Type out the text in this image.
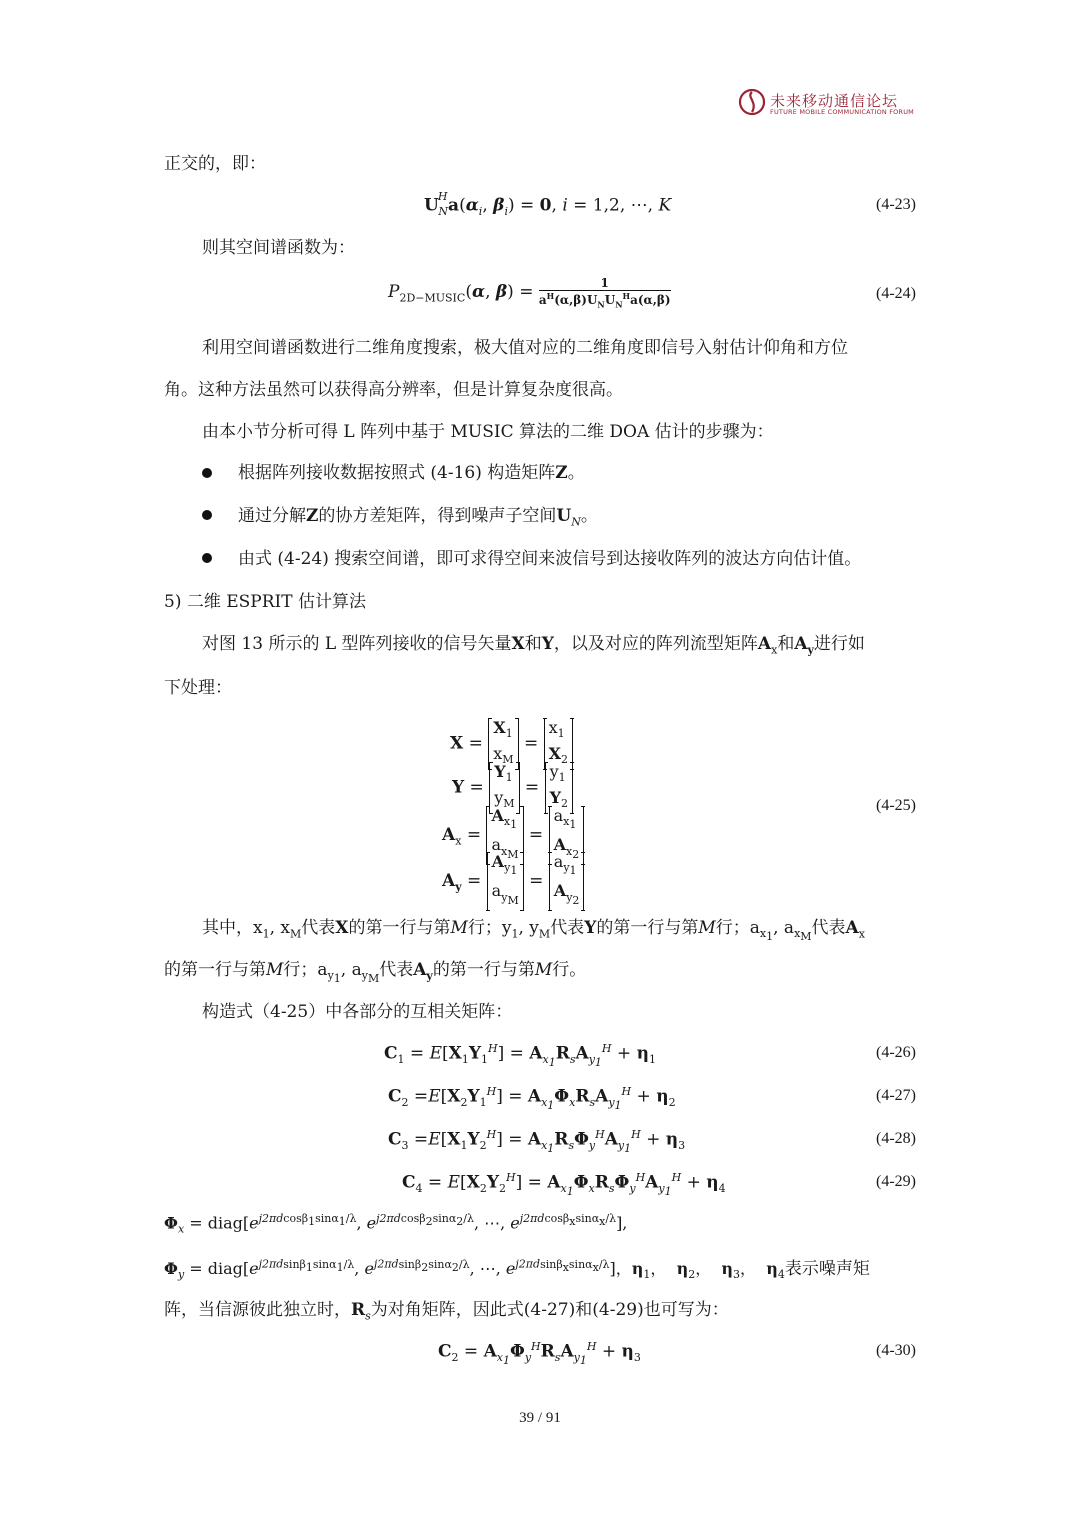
未来移动通信论坛
FUTURE MOBILE COMMUNICATION FORUM
正交的，即：
$U^H_Na(\alpha_i$, $\beta_i) = 0$, i = 1,2, ⋯, K	(4-23)
则其空间谱函数为：
$P_{2D-MUSIC}(\alpha$, $\beta) = \frac{1}{a^H(\alpha,\beta)U_NU_N^Ha(\alpha,\beta)}$	(4-24)
利用空间谱函数进行二维角度搜索，极大值对应的二维角度即信号入射估计仰角和方位
角。这种方法虽然可以获得高分辨率，但是计算复杂度很高。
由本小节分析可得 L 阵列中基于 MUSIC 算法的二维 DOA 估计的步骤为：
根据阵列接收数据按照式 (4-16) 构造矩阵Z。
通过分解Z的协方差矩阵，得到噪声子空间$U_N$。
由式 (4-24) 搜索空间谱，即可求得空间来波信号到达接收阵列的波达方向估计值。
5) 二维 ESPRIT 估计算法
对图 13 所示的 L 型阵列接收的信号矢量X和Y，以及对应的阵列流型矩阵$A_x$和$A_y$进行如
下处理：
X =
$X_1$
$x_M$
=
$x_1$
$X_2$
Y =
$Y_1$
$y_M$
=
$y_1$
$Y_2$
$A_x$ =
$A_{x_1}$
$a_{x_M}$
=
$a_{x_1}$
$A_{x_2}$
$A_y$ =
$A_{y_1}$
$a_{y_M}$
=
$a_{y_1}$
$A_{y_2}$
(4-25)
其中，$x_1$, $x_M$代表X的第一行与第M行；$y_1$, $y_M$代表Y的第一行与第M行；$a_{x_1}$, $a_{x_M}$代表$A_x$
的第一行与第M行；$a_{y_1}$, $a_{y_M}$代表$A_y$的第一行与第M行。
构造式（4-25）中各部分的互相关矩阵：
$C_1 = E[X_1Y_1^H] = A_{x_1}R_sA_{y_1}^H + \eta_1$	(4-26)
$C_2 =E[X_2Y_1^H] = A_{x_1}\Phi_xR_sA_{y_1}^H + \eta_2$	(4-27)
$C_3 =E[X_1Y_2^H] = A_{x_1}R_s\Phi_y^HA_{y_1}^H + \eta_3$	(4-28)
$C_4 = E[X_2Y_2^H] = A_{x_1}\Phi_xR_s\Phi_y^HA_{y_1}^H + \eta_4$	(4-29)
$\Phi_x$ = $diag[e^{j2\pi dcos\beta_1sin\alpha_1/\lambda}$, $e^{j2\pi dcos\beta_2sin\alpha_2/\lambda}$, ⋯, $e^{j2\pi dcos\beta_xsin\alpha_x/\lambda}$],
$\Phi_y$ = $diag[e^{j2\pi dsin\beta_1sin\alpha_1/\lambda}$, $e^{j2\pi dsin\beta_2sin\alpha_2/\lambda}$, ⋯, $e^{j2\pi dsin\beta_xsin\alpha_x/\lambda}$]，$\eta_1$，  $\eta_2$，  $\eta_3$，  $\eta_4$表示噪声矩
阵，当信源彼此独立时，$R_s$为对角矩阵，因此式(4-27)和(4-29)也可写为：
$C_2 = A_{x_1}\Phi_y^HR_sA_{y_1}^H + \eta_3$	(4-30)
39 / 91
